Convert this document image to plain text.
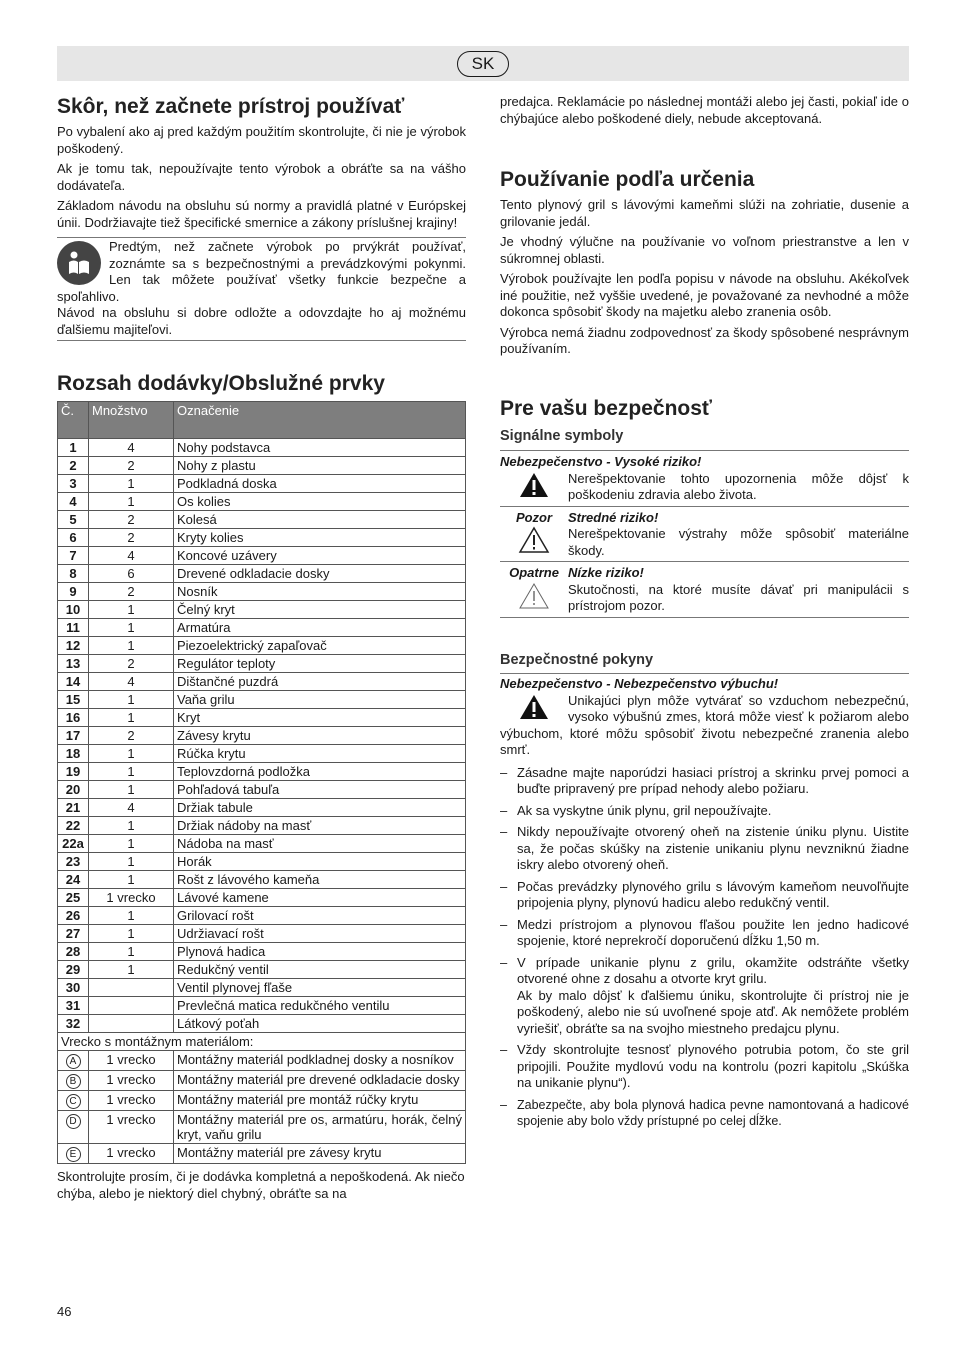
SK
Skôr, než začnete prístroj používať

Po vybalení ako aj pred každým použitím skontrolujte, či nie je výrobok poškodený.

Ak je tomu tak, nepoužívajte tento výrobok a obráťte sa na vášho dodávateľa.

Základom návodu na obsluhu sú normy a pravidlá platné v Európskej únii. Dodržiavajte tiež špecifické smernice a zákony príslušnej krajiny!

Predtým, než začnete výrobok po prvýkrát používať, zoznámte sa s bezpečnostnými a prevádzkovými pokynmi. Len tak môžete používať všetky funkcie bezpečne a spoľahlivo.

Návod na obsluhu si dobre odložte a odovzdajte ho aj možnému ďalšiemu majiteľovi.

Rozsah dodávky/Obslužné prvky
Č.	Množstvo	Označenie
1	4	Nohy podstavca
2	2	Nohy z plastu
3	1	Podkladná doska
4	1	Os kolies
5	2	Kolesá
6	2	Kryty kolies
7	4	Koncové uzávery
8	6	Drevené odkladacie dosky
9	2	Nosník
10	1	Čelný kryt
11	1	Armatúra
12	1	Piezoelektrický zapaľovač
13	2	Regulátor teploty
14	4	Dištančné puzdrá
15	1	Vaňa grilu
16	1	Kryt
17	2	Závesy krytu
18	1	Rúčka krytu
19	1	Teplovzdorná podložka
20	1	Pohľadová tabuľa
21	4	Držiak tabule
22	1	Držiak nádoby na masť
22a	1	Nádoba na masť
23	1	Horák
24	1	Rošt z lávového kameňa
25	1 vrecko	Lávové kamene
26	1	Grilovací rošt
27	1	Udržiavací rošt
28	1	Plynová hadica
29	1	Redukčný ventil
30		Ventil plynovej fľaše
31		Prevlečná matica redukčného ventilu
32		Látkový poťah
Vrecko s montážnym materiálom:		
A	1 vrecko	Montážny materiál podkladnej dosky a nosníkov
B	1 vrecko	Montážny materiál pre drevené odkladacie dosky
C	1 vrecko	Montážny materiál pre montáž rúčky krytu
D	1 vrecko	Montážny materiál pre os, armatúru, horák, čelný kryt, vaňu grilu
E	1 vrecko	Montážny materiál pre závesy krytu

Skontrolujte prosím, či je dodávka kompletná a nepoškodená. Ak niečo chýba, alebo je niektorý diel chybný, obráťte sa na

predajca. Reklamácie po následnej montáži alebo jej časti, pokiaľ ide o chýbajúce alebo poškodené diely, nebude akceptovaná.

Používanie podľa určenia

Tento plynový gril s lávovými kameňmi slúži na zohriatie, dusenie a grilovanie jedál.

Je vhodný výlučne na používanie vo voľnom priestranstve a len v súkromnej oblasti.

Výrobok používajte len podľa popisu v návode na obsluhu. Akékoľvek iné použitie, než vyššie uvedené, je považované za nevhodné a môže dokonca spôsobiť škody na majetku alebo zranenia osôb.

Výrobca nemá žiadnu zodpovednosť za škody spôsobené nesprávnym používaním.

Pre vašu bezpečnosť
Signálne symboly
Nebezpečenstvo - Vysoké riziko!
Nerešpektovanie tohto upozornenia môže dôjsť k poškodeniu zdravia alebo života.
Pozor	Stredné riziko!
Nerešpektovanie výstrahy môže spôsobiť materiálne škody.
Opatrne Nízke riziko!
Skutočnosti, na ktoré musíte dávať pri manipulácii s prístrojom pozor.
Bezpečnostné pokyny
Nebezpečenstvo - Nebezpečenstvo výbuchu!

Unikajúci plyn môže vytvárať so vzduchom nebezpečnú, vysoko výbušnú zmes, ktorá môže viesť k požiarom alebo výbuchom, ktoré môžu spôsobiť životu nebezpečné zranenia alebo smrť.

– Zásadne majte naporúdzi hasiaci prístroj a skrinku prvej pomoci a buďte pripravený pre prípad nehody alebo požiaru.
– Ak sa vyskytne únik plynu, gril nepoužívajte.
– Nikdy nepoužívajte otvorený oheň na zistenie úniku plynu. Uistite sa, že počas skúšky na zistenie unikaniu plynu nevzniknú žiadne iskry alebo otvorený oheň.
– Počas prevádzky plynového grilu s lávovým kameňom neuvoľňujte pripojenia plyny, plynovú hadicu alebo redukčný ventil.
– Medzi prístrojom a plynovou fľašou použite len jedno hadicové spojenie, ktoré neprekročí doporučenú dĺžku 1,50 m.
– V prípade unikanie plynu z grilu, okamžite odstráňte všetky otvorené ohne z dosahu a otvorte kryt grilu.
Ak by malo dôjsť k ďalšiemu úniku, skontrolujte či prístroj nie je poškodený, alebo nie sú uvoľnené spoje atď. Ak nemôžete problém vyriešiť, obráťte sa na svojho miestneho predajcu plynu.
– Vždy skontrolujte tesnosť plynového potrubia potom, čo ste gril pripojili. Použite mydlovú vodu na kontrolu (pozri kapitolu „Skúška na unikanie plynu“).
– Zabezpečte, aby bola plynová hadica pevne namontovaná a hadicové spojenie aby bolo vždy prístupné po celej dĺžke.
46
